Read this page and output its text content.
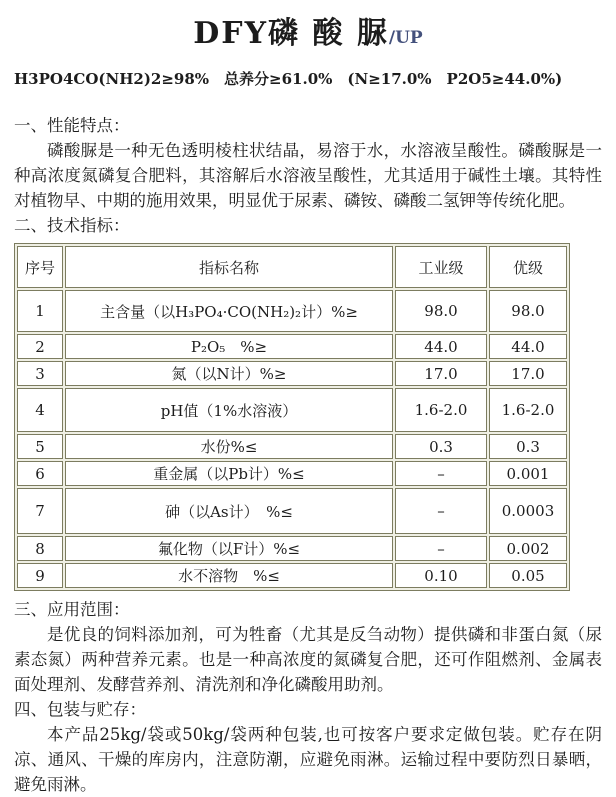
DFY磷 酸 脲/UP

H3PO4CO(NH2)2≥98%　总养分≥61.0%　(N≥17.0%　P2O5≥44.0%)

一、性能特点：

磷酸脲是一种无色透明棱柱状结晶，易溶于水，水溶液呈酸性。磷酸脲是一种高浓度氮磷复合肥料，其溶解后水溶液呈酸性，尤其适用于碱性土壤。其特性对植物早、中期的施用效果，明显优于尿素、磷铵、磷酸二氢钾等传统化肥。

二、技术指标：

序号	指标名称	工业级	优级
1	主含量（以H₃PO₄·CO(NH₂)₂计）%≥	98.0	98.0
2	P₂O₅　%≥	44.0	44.0
3	氮（以N计）%≥	17.0	17.0
4	pH值（1%水溶液）	1.6-2.0	1.6-2.0
5	水份%≤	0.3	0.3
6	重金属（以Pb计）%≤	–	0.001
7	砷（以As计）　%≤	–	0.0003
8	氟化物（以F计）%≤	–	0.002
9	水不溶物　%≤	0.10	0.05

三、应用范围：

是优良的饲料添加剂，可为牲畜（尤其是反刍动物）提供磷和非蛋白氮（尿素态氮）两种营养元素。也是一种高浓度的氮磷复合肥，还可作阻燃剂、金属表面处理剂、发酵营养剂、清洗剂和净化磷酸用助剂。

四、包装与贮存：

本产品25kg/袋或50kg/袋两种包装,也可按客户要求定做包装。贮存在阴凉、通风、干燥的库房内，注意防潮，应避免雨淋。运输过程中要防烈日暴晒，避免雨淋。
